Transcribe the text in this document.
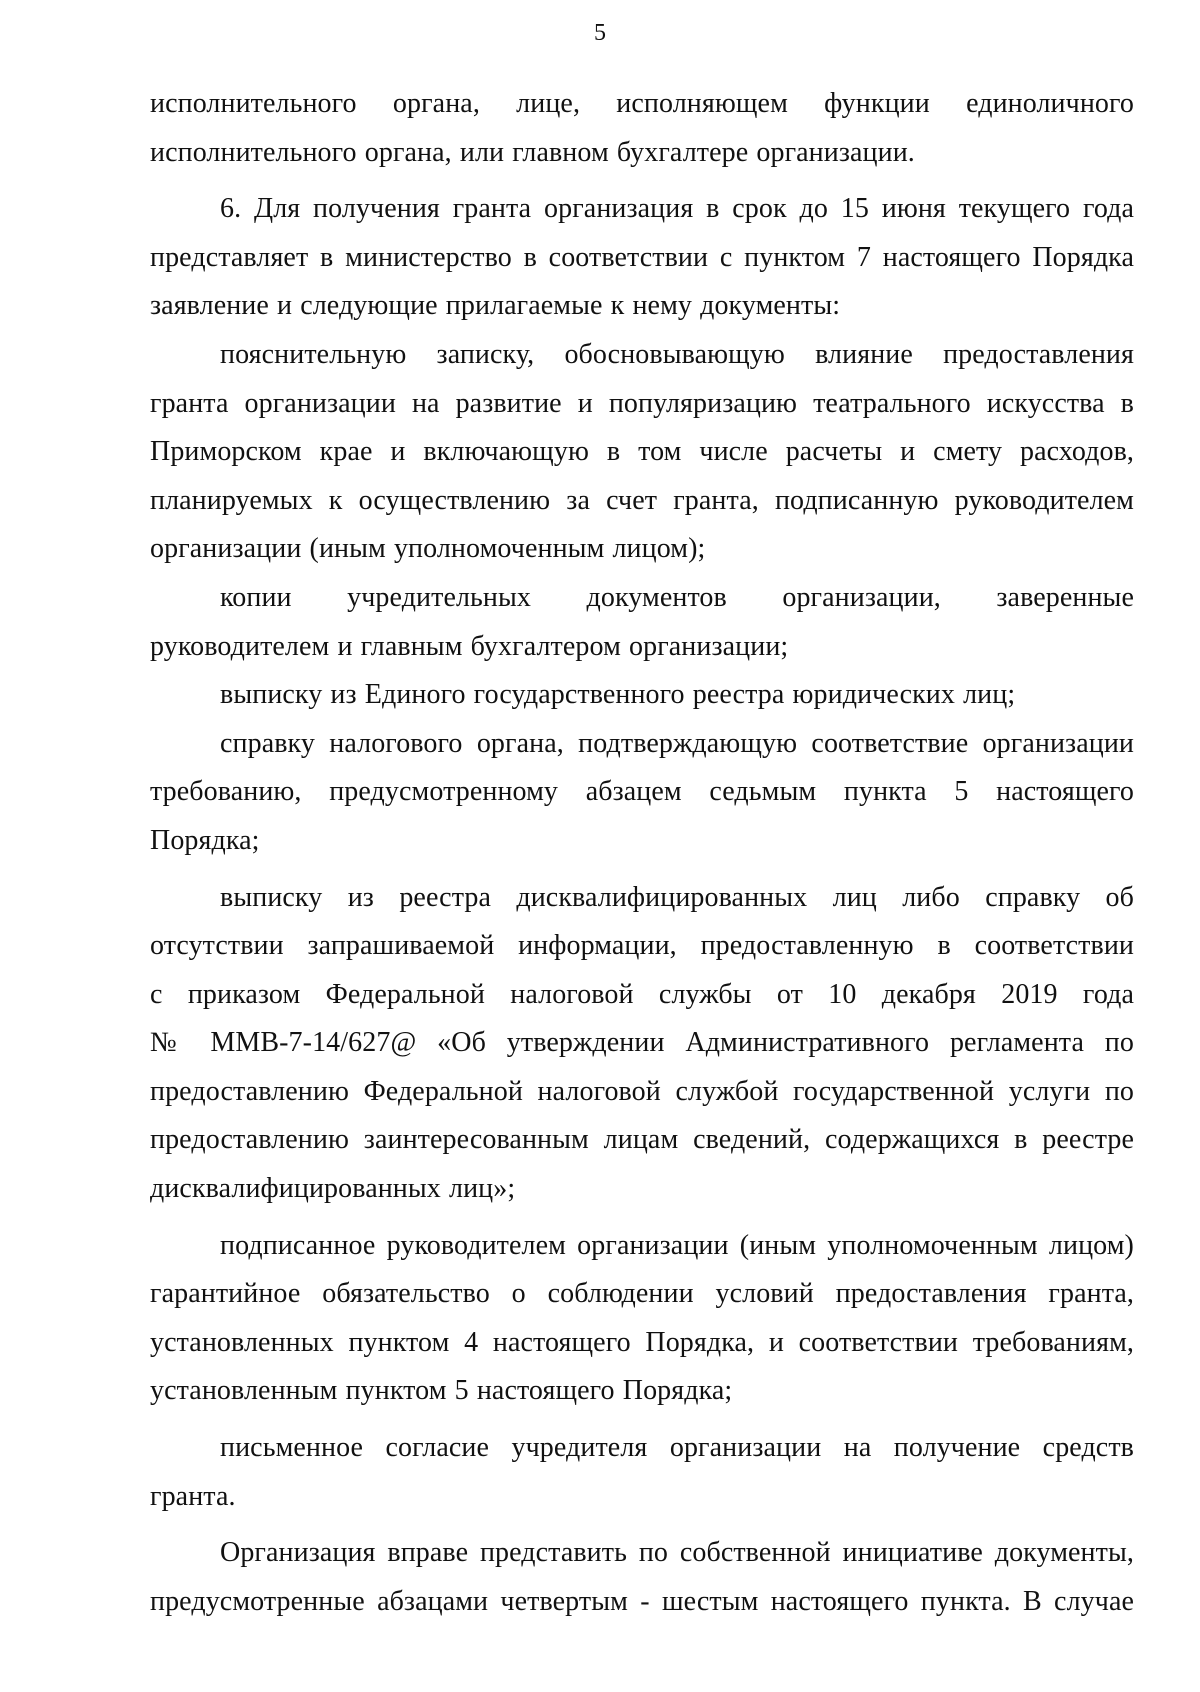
5
исполнительного органа, лице, исполняющем функции единоличного
исполнительного органа, или главном бухгалтере организации.
6. Для получения гранта организация в срок до 15 июня текущего года
представляет в министерство в соответствии с пунктом 7 настоящего Порядка
заявление и следующие прилагаемые к нему документы:
пояснительную записку, обосновывающую влияние предоставления
гранта организации на развитие и популяризацию театрального искусства в
Приморском крае и включающую в том числе расчеты и смету расходов,
планируемых к осуществлению за счет гранта, подписанную руководителем
организации (иным уполномоченным лицом);
копии учредительных документов организации, заверенные
руководителем и главным бухгалтером организации;
выписку из Единого государственного реестра юридических лиц;
справку налогового органа, подтверждающую соответствие организации
требованию, предусмотренному абзацем седьмым пункта 5 настоящего
Порядка;
выписку из реестра дисквалифицированных лиц либо справку об
отсутствии запрашиваемой информации, предоставленную в соответствии
с приказом Федеральной налоговой службы от 10 декабря 2019 года
№ ММВ-7-14/627@ «Об утверждении Административного регламента по
предоставлению Федеральной налоговой службой государственной услуги по
предоставлению заинтересованным лицам сведений, содержащихся в реестре
дисквалифицированных лиц»;
подписанное руководителем организации (иным уполномоченным лицом)
гарантийное обязательство о соблюдении условий предоставления гранта,
установленных пунктом 4 настоящего Порядка, и соответствии требованиям,
установленным пунктом 5 настоящего Порядка;
письменное согласие учредителя организации на получение средств
гранта.
Организация вправе представить по собственной инициативе документы,
предусмотренные абзацами четвертым - шестым настоящего пункта. В случае
